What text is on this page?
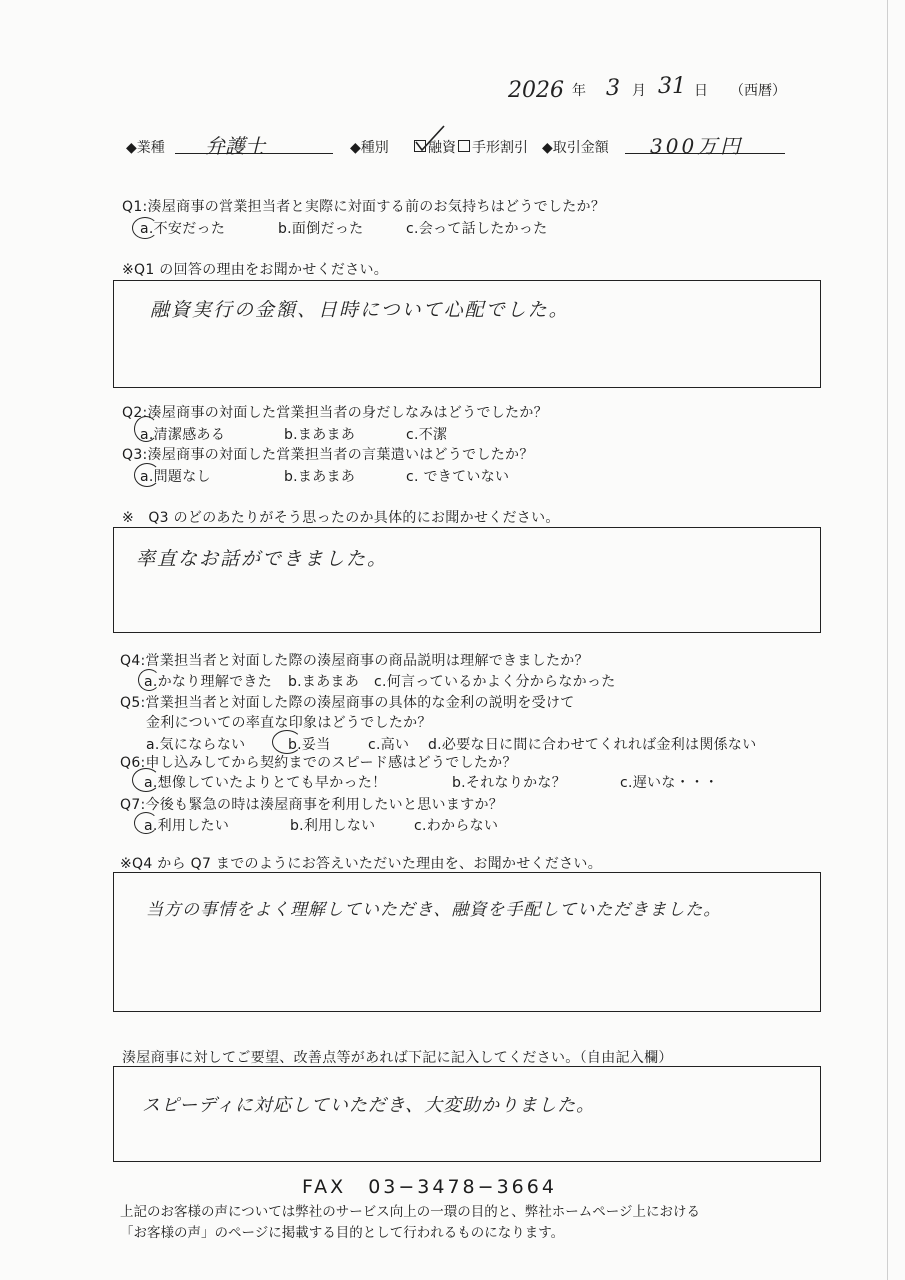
2026 年 3 月 31 日 （西暦）
◆業種 弁護士	◆種別	融資 手形割引 ◆取引金額 300万円
Q1:湊屋商事の営業担当者と実際に対面する前のお気持ちはどうでしたか？
a.不安だった	b.面倒だった	c.会って話したかった
※Q1 の回答の理由をお聞かせください。
融資実行の金額、日時について心配でした。
Q2:湊屋商事の対面した営業担当者の身だしなみはどうでしたか？
a.清潔感ある	b.まあまあ	c.不潔
Q3:湊屋商事の対面した営業担当者の言葉遣いはどうでしたか？
a.問題なし	b.まあまあ	c. できていない
※　Q3 のどのあたりがそう思ったのか具体的にお聞かせください。
率直なお話ができました。
Q4:営業担当者と対面した際の湊屋商事の商品説明は理解できましたか？
a.かなり理解できた b.まあまあ c.何言っているかよく分からなかった
Q5:営業担当者と対面した際の湊屋商事の具体的な金利の説明を受けて
金利についての率直な印象はどうでしたか？
a.気にならない	b.妥当	c.高い d.必要な日に間に合わせてくれれば金利は関係ない
Q6:申し込みしてから契約までのスピード感はどうでしたか？
a.想像していたよりとても早かった！	b.それなりかな？	c.遅いな・・・
Q7:今後も緊急の時は湊屋商事を利用したいと思いますか？
a.利用したい	b.利用しない	c.わからない
※Q4 から Q7 までのようにお答えいただいた理由を、お聞かせください。
当方の事情をよく理解していただき、融資を手配していただきました。
湊屋商事に対してご要望、改善点等があれば下記に記入してください。（自由記入欄）
スピーディに対応していただき、大変助かりました。
FAX　03−3478−3664
上記のお客様の声については弊社のサービス向上の一環の目的と、弊社ホームページ上における
「お客様の声」のページに掲載する目的として行われるものになります。
